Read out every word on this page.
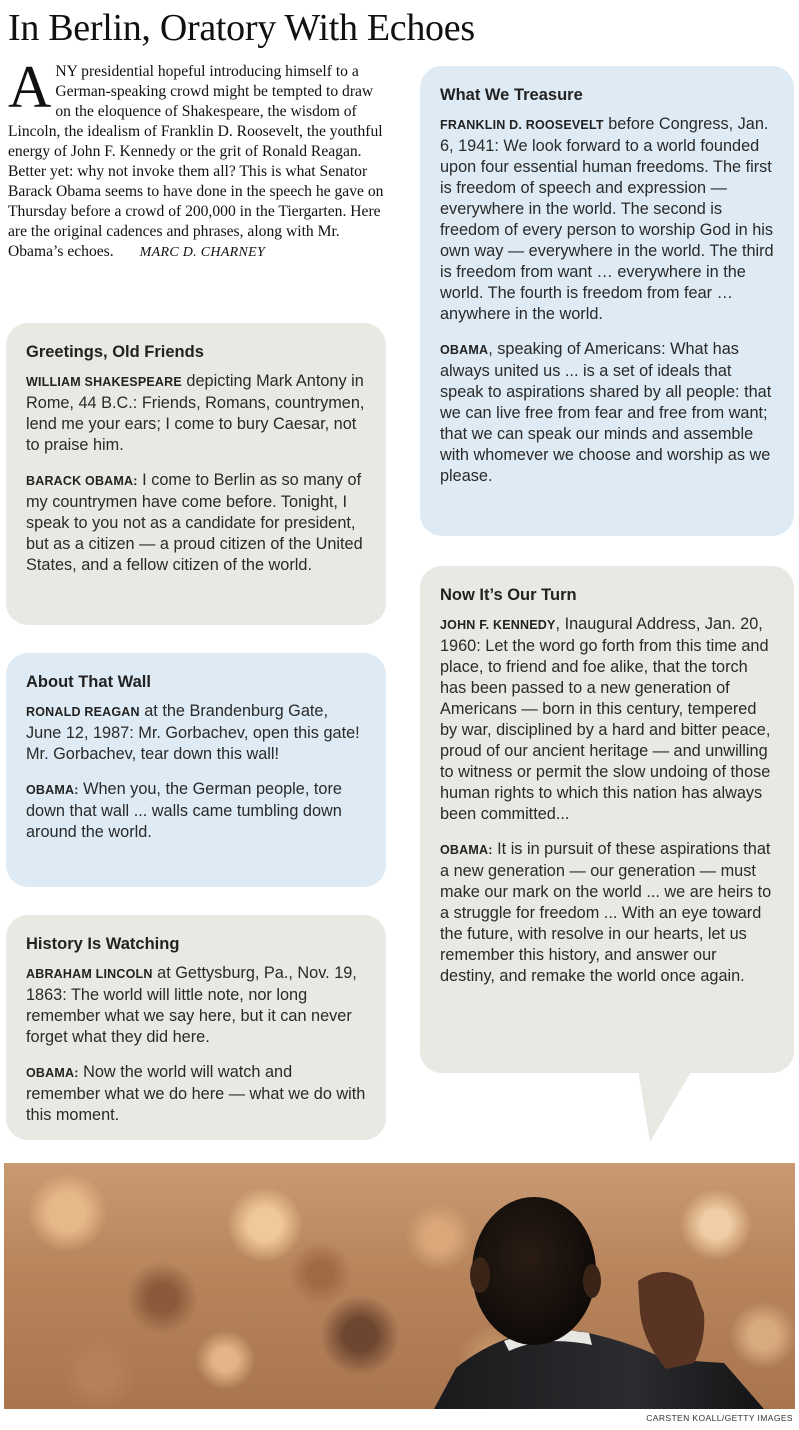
In Berlin, Oratory With Echoes

ANY presidential hopeful introducing himself to a German-speaking crowd might be tempted to draw on the eloquence of Shakespeare, the wisdom of Lincoln, the idealism of Franklin D. Roosevelt, the youthful energy of John F. Kennedy or the grit of Ronald Reagan. Better yet: why not invoke them all? This is what Senator Barack Obama seems to have done in the speech he gave on Thursday before a crowd of 200,000 in the Tiergarten. Here are the original cadences and phrases, along with Mr. Obama’s echoes. MARC D. CHARNEY

Greetings, Old Friends

WILLIAM SHAKESPEARE depicting Mark Antony in Rome, 44 B.C.: Friends, Romans, countrymen, lend me your ears; I come to bury Caesar, not to praise him.

BARACK OBAMA: I come to Berlin as so many of my countrymen have come before. Tonight, I speak to you not as a candidate for president, but as a citizen — a proud citizen of the United States, and a fellow citizen of the world.

About That Wall

RONALD REAGAN at the Brandenburg Gate, June 12, 1987: Mr. Gorbachev, open this gate! Mr. Gorbachev, tear down this wall!

OBAMA: When you, the German people, tore down that wall ... walls came tumbling down around the world.

History Is Watching

ABRAHAM LINCOLN at Gettysburg, Pa., Nov. 19, 1863: The world will little note, nor long remember what we say here, but it can never forget what they did here.

OBAMA: Now the world will watch and remember what we do here — what we do with this moment.

What We Treasure

FRANKLIN D. ROOSEVELT before Congress, Jan. 6, 1941: We look forward to a world founded upon four essential human freedoms. The first is freedom of speech and expression — everywhere in the world. The second is freedom of every person to worship God in his own way — everywhere in the world. The third is freedom from want … everywhere in the world. The fourth is freedom from fear … anywhere in the world.

OBAMA, speaking of Americans: What has always united us ... is a set of ideals that speak to aspirations shared by all people: that we can live free from fear and free from want; that we can speak our minds and assemble with whomever we choose and worship as we please.

Now It’s Our Turn

JOHN F. KENNEDY, Inaugural Address, Jan. 20, 1960: Let the word go forth from this time and place, to friend and foe alike, that the torch has been passed to a new generation of Americans — born in this century, tempered by war, disciplined by a hard and bitter peace, proud of our ancient heritage — and unwilling to witness or permit the slow undoing of those human rights to which this nation has always been committed...

OBAMA: It is in pursuit of these aspirations that a new generation — our generation — must make our mark on the world ... we are heirs to a struggle for freedom ... With an eye toward the future, with resolve in our hearts, let us remember this history, and answer our destiny, and remake the world once again.

CARSTEN KOALL/GETTY IMAGES
